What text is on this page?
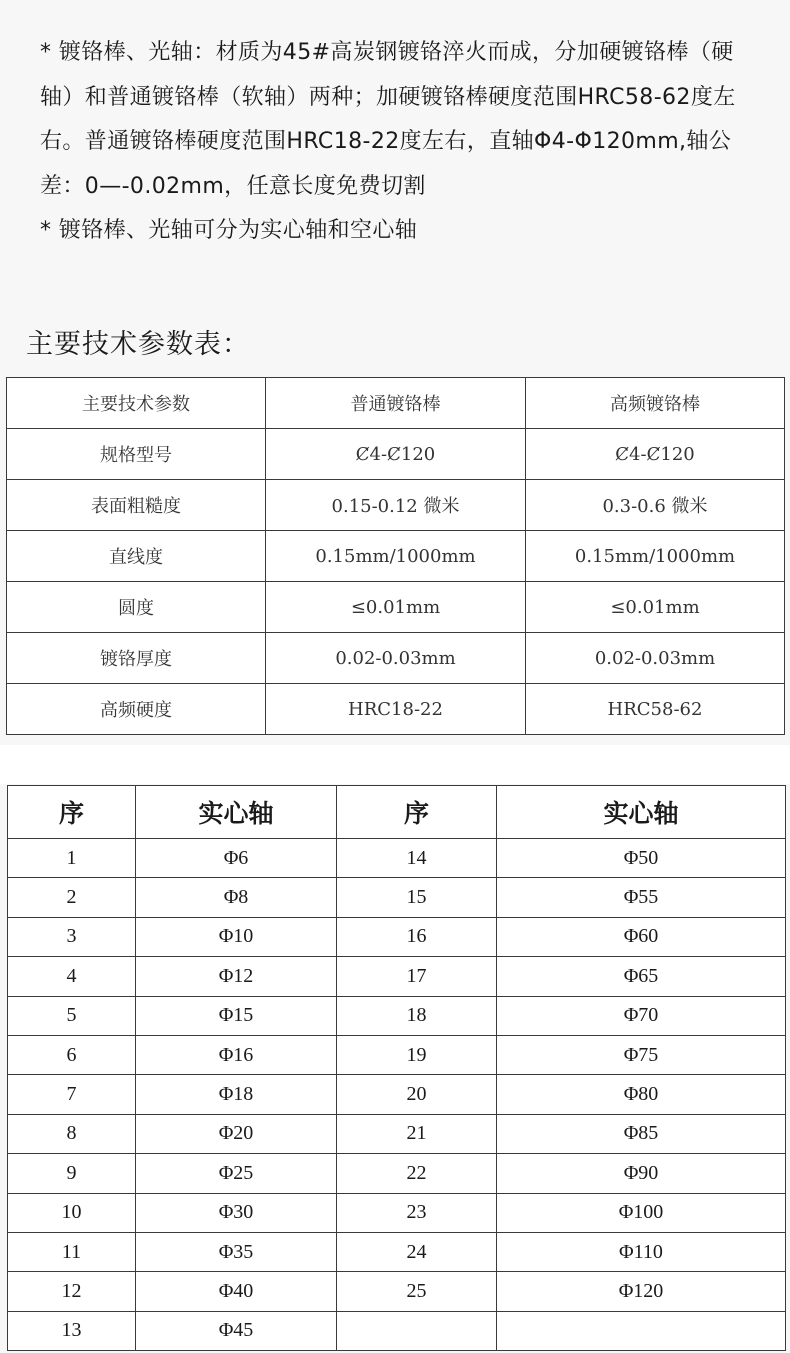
* 镀铬棒、光轴：材质为45#高炭钢镀铬淬火而成，分加硬镀铬棒（硬轴）和普通镀铬棒（软轴）两种；加硬镀铬棒硬度范围HRC58-62度左右。普通镀铬棒硬度范围HRC18-22度左右，直轴Φ4-Φ120mm,轴公差：0—-0.02mm，任意长度免费切割

* 镀铬棒、光轴可分为实心轴和空心轴

主要技术参数表：
主要技术参数	普通镀铬棒	高频镀铬棒
规格型号	Ȼ4-Ȼ120	Ȼ4-Ȼ120
表面粗糙度	0.15-0.12 微米	0.3-0.6 微米
直线度	0.15mm/1000mm	0.15mm/1000mm
圆度	≤0.01mm	≤0.01mm
镀铬厚度	0.02-0.03mm	0.02-0.03mm
高频硬度	HRC18-22	HRC58-62
序	实心轴	序	实心轴
1	Φ6	14	Φ50
2	Φ8	15	Φ55
3	Φ10	16	Φ60
4	Φ12	17	Φ65
5	Φ15	18	Φ70
6	Φ16	19	Φ75
7	Φ18	20	Φ80
8	Φ20	21	Φ85
9	Φ25	22	Φ90
10	Φ30	23	Φ100
11	Φ35	24	Φ110
12	Φ40	25	Φ120
13	Φ45		
